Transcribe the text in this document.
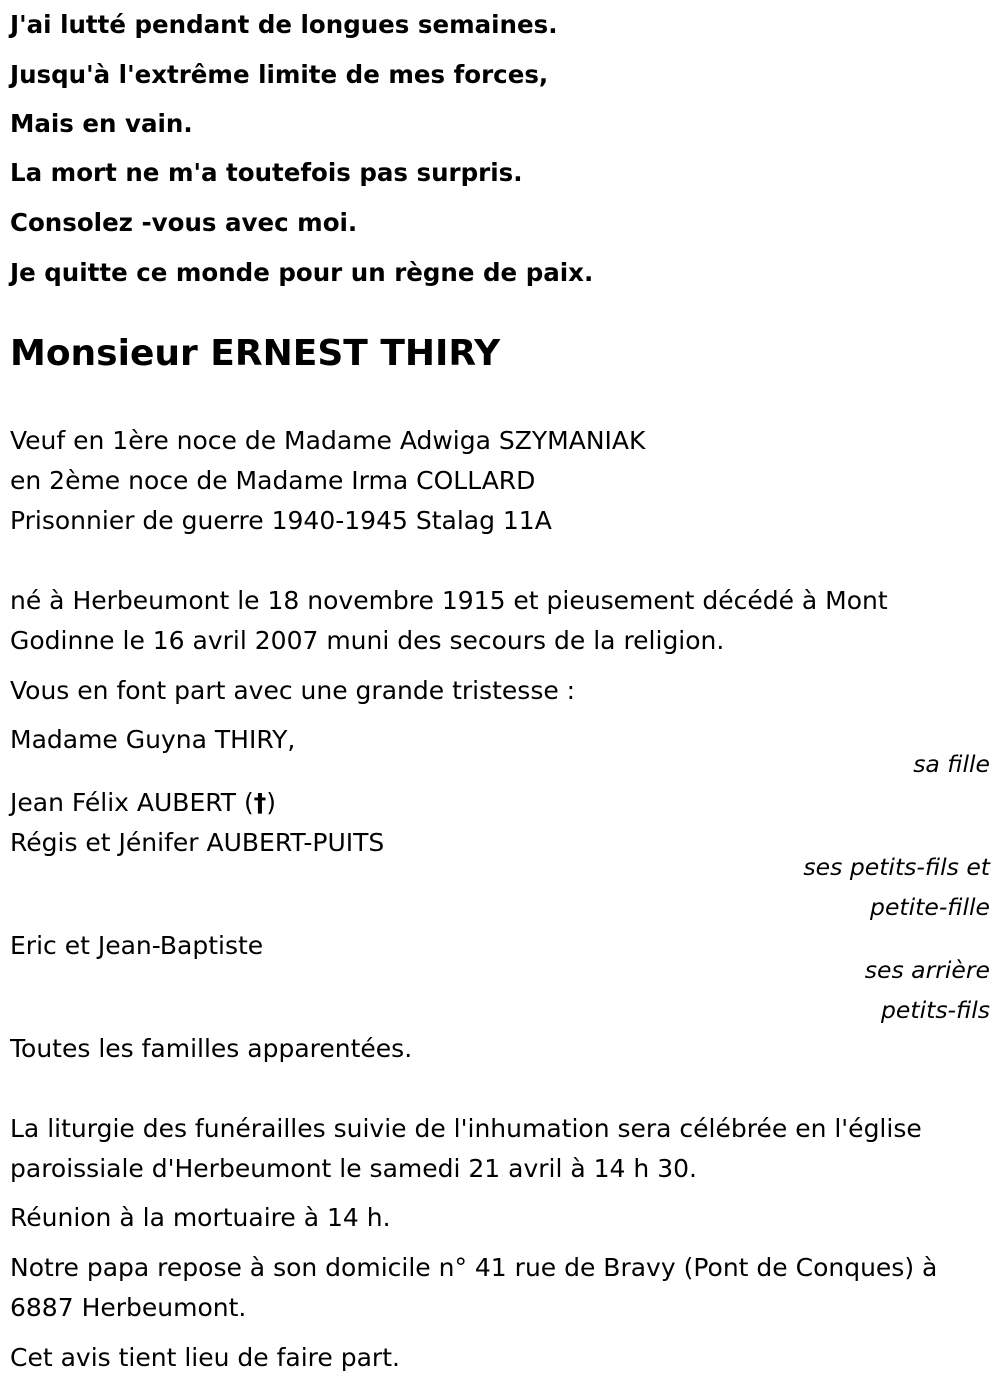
J'ai lutté pendant de longues semaines.
Jusqu'à l'extrême limite de mes forces,
Mais en vain.
La mort ne m'a toutefois pas surpris.
Consolez -vous avec moi.
Je quitte ce monde pour un règne de paix.
Monsieur ERNEST THIRY
Veuf en 1ère noce de Madame Adwiga SZYMANIAK
en 2ème noce de Madame Irma COLLARD
Prisonnier de guerre 1940-1945 Stalag 11A
né à Herbeumont le 18 novembre 1915 et pieusement décédé à Mont
Godinne le 16 avril 2007 muni des secours de la religion.
Vous en font part avec une grande tristesse :
Madame Guyna THIRY,
sa fille
Jean Félix AUBERT (†)
Régis et Jénifer AUBERT-PUITS
ses petits-fils et
petite-fille
Eric et Jean-Baptiste
ses arrière
petits-fils
Toutes les familles apparentées.
La liturgie des funérailles suivie de l'inhumation sera célébrée en l'église
paroissiale d'Herbeumont le samedi 21 avril à 14 h 30.
Réunion à la mortuaire à 14 h.
Notre papa repose à son domicile n° 41 rue de Bravy (Pont de Conques) à
6887 Herbeumont.
Cet avis tient lieu de faire part.
